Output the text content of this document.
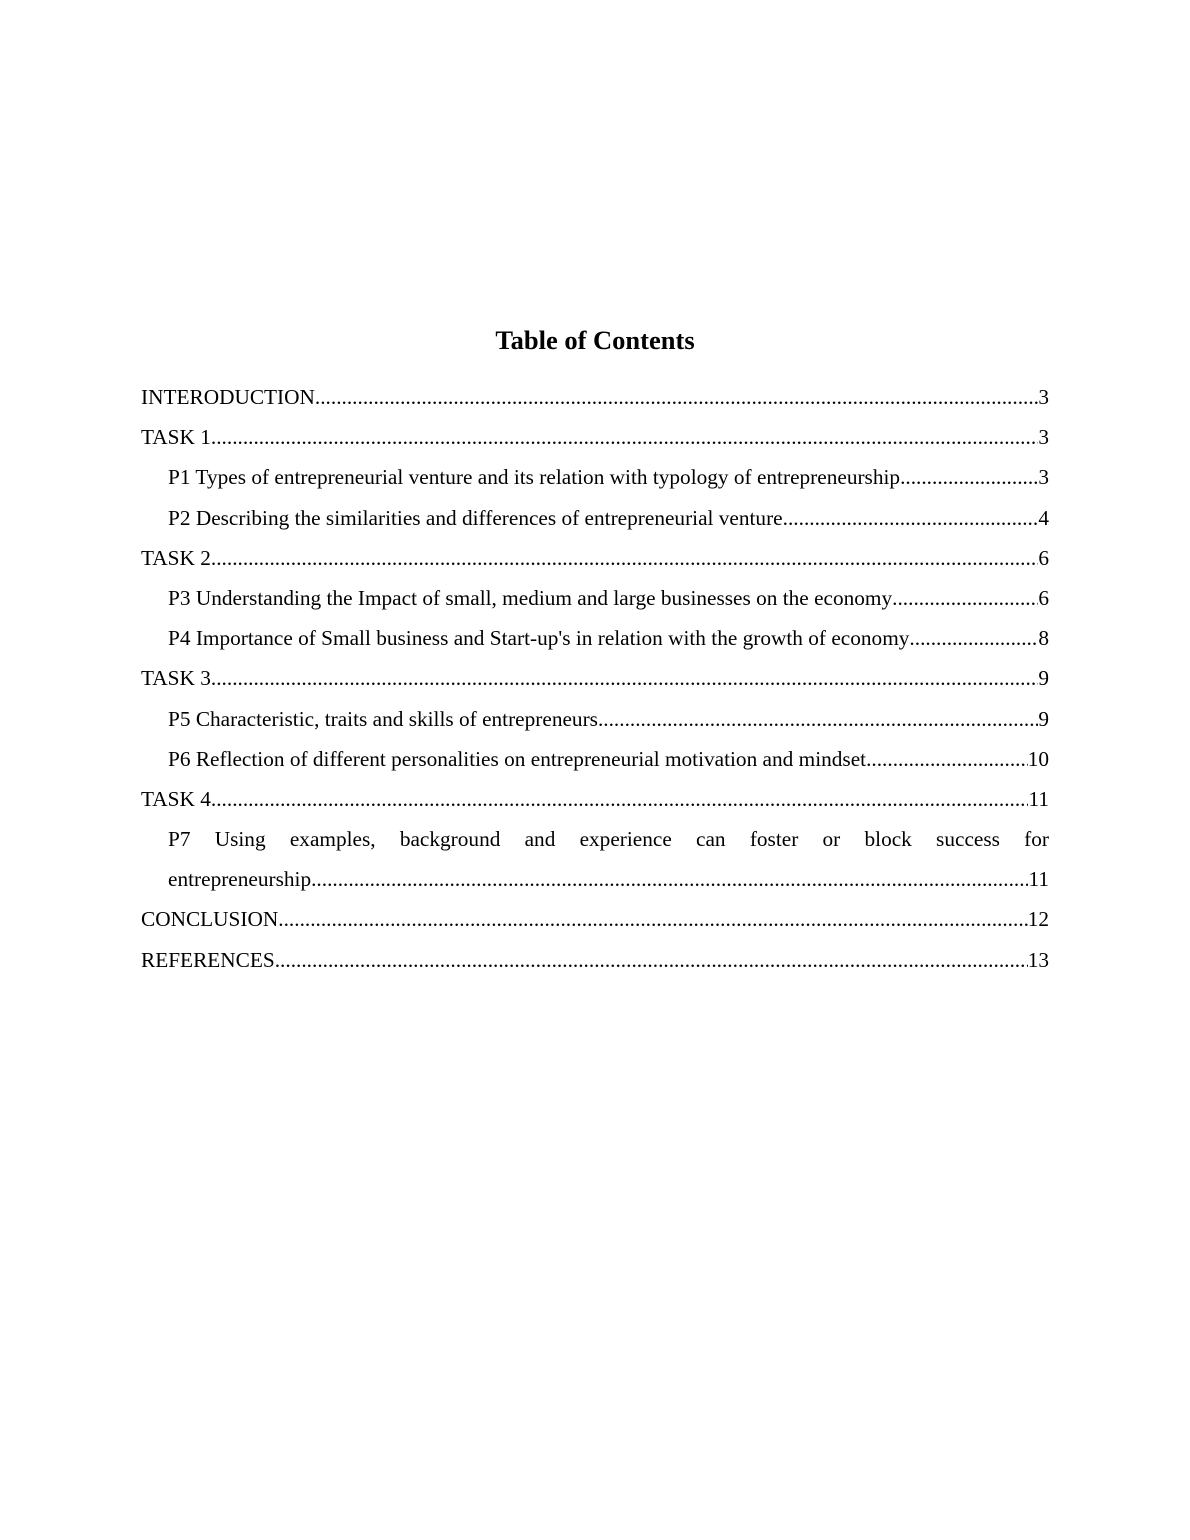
Table of Contents
INTERODUCTION .....	3
TASK 1 .....	3
P1 Types of entrepreneurial venture and its relation with typology of entrepreneurship .....	3
P2 Describing the similarities and differences of entrepreneurial venture .....	4
TASK 2 .....	6
P3 Understanding the Impact of small, medium and large businesses on the economy .....	6
P4 Importance of Small business and Start-up's in relation with the growth of economy .....	8
TASK 3 .....	9
P5 Characteristic, traits and skills of entrepreneurs .....	9
P6 Reflection of different personalities on entrepreneurial motivation and mindset .....	10
TASK 4 .....	11
P7 Using examples, background and experience can foster or block success for
entrepreneurship .....	11
CONCLUSION .....	12
REFERENCES .....	13
